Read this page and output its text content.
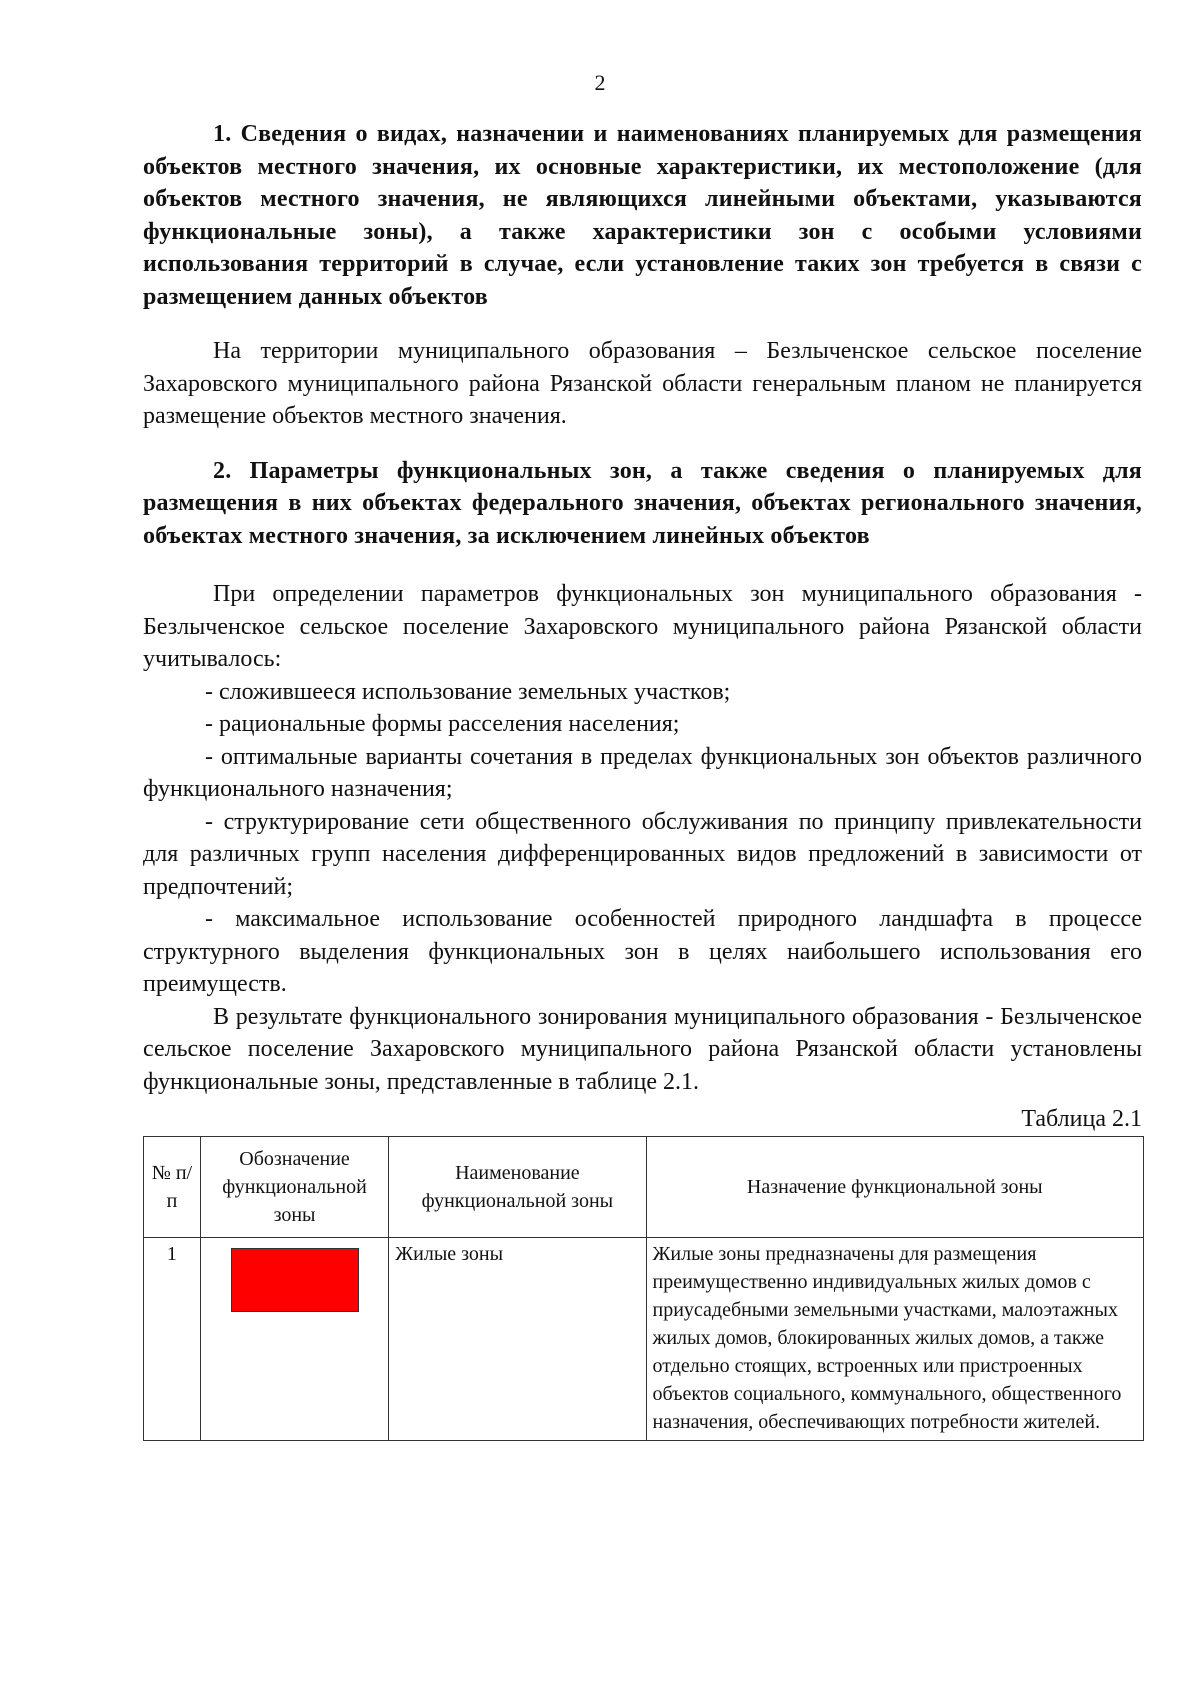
2

1. Сведения о видах, назначении и наименованиях планируемых для размещения объектов местного значения, их основные характеристики, их местоположение (для объектов местного значения, не являющихся линейными объектами, указываются функциональные зоны), а также характеристики зон с особыми условиями использования территорий в случае, если установление таких зон требуется в связи с размещением данных объектов

На территории муниципального образования – Безлыченское сельское поселение Захаровского муниципального района Рязанской области генеральным планом не планируется размещение объектов местного значения.

2. Параметры функциональных зон, а также сведения о планируемых для размещения в них объектах федерального значения, объектах регионального значения, объектах местного значения, за исключением линейных объектов

При определении параметров функциональных зон муниципального образования - Безлыченское сельское поселение Захаровского муниципального района Рязанской области учитывалось:

- сложившееся использование земельных участков;

- рациональные формы расселения населения;

- оптимальные варианты сочетания в пределах функциональных зон объектов различного функционального назначения;

- структурирование сети общественного обслуживания по принципу привлекательности для различных групп населения дифференцированных видов предложений в зависимости от предпочтений;

- максимальное использование особенностей природного ландшафта в процессе структурного выделения функциональных зон в целях наибольшего использования его преимуществ.

В результате функционального зонирования муниципального образования - Безлыченское сельское поселение Захаровского муниципального района Рязанской области установлены функциональные зоны, представленные в таблице 2.1.

Таблица 2.1

№ п/п	Обозначение функциональной зоны	Наименование функциональной зоны	Назначение функциональной зоны
1		Жилые зоны	Жилые зоны предназначены для размещения преимущественно индивидуальных жилых домов с приусадебными земельными участками, малоэтажных жилых домов, блокированных жилых домов, а также отдельно стоящих, встроенных или пристроенных объектов социального, коммунального, общественного назначения, обеспечивающих потребности жителей.
